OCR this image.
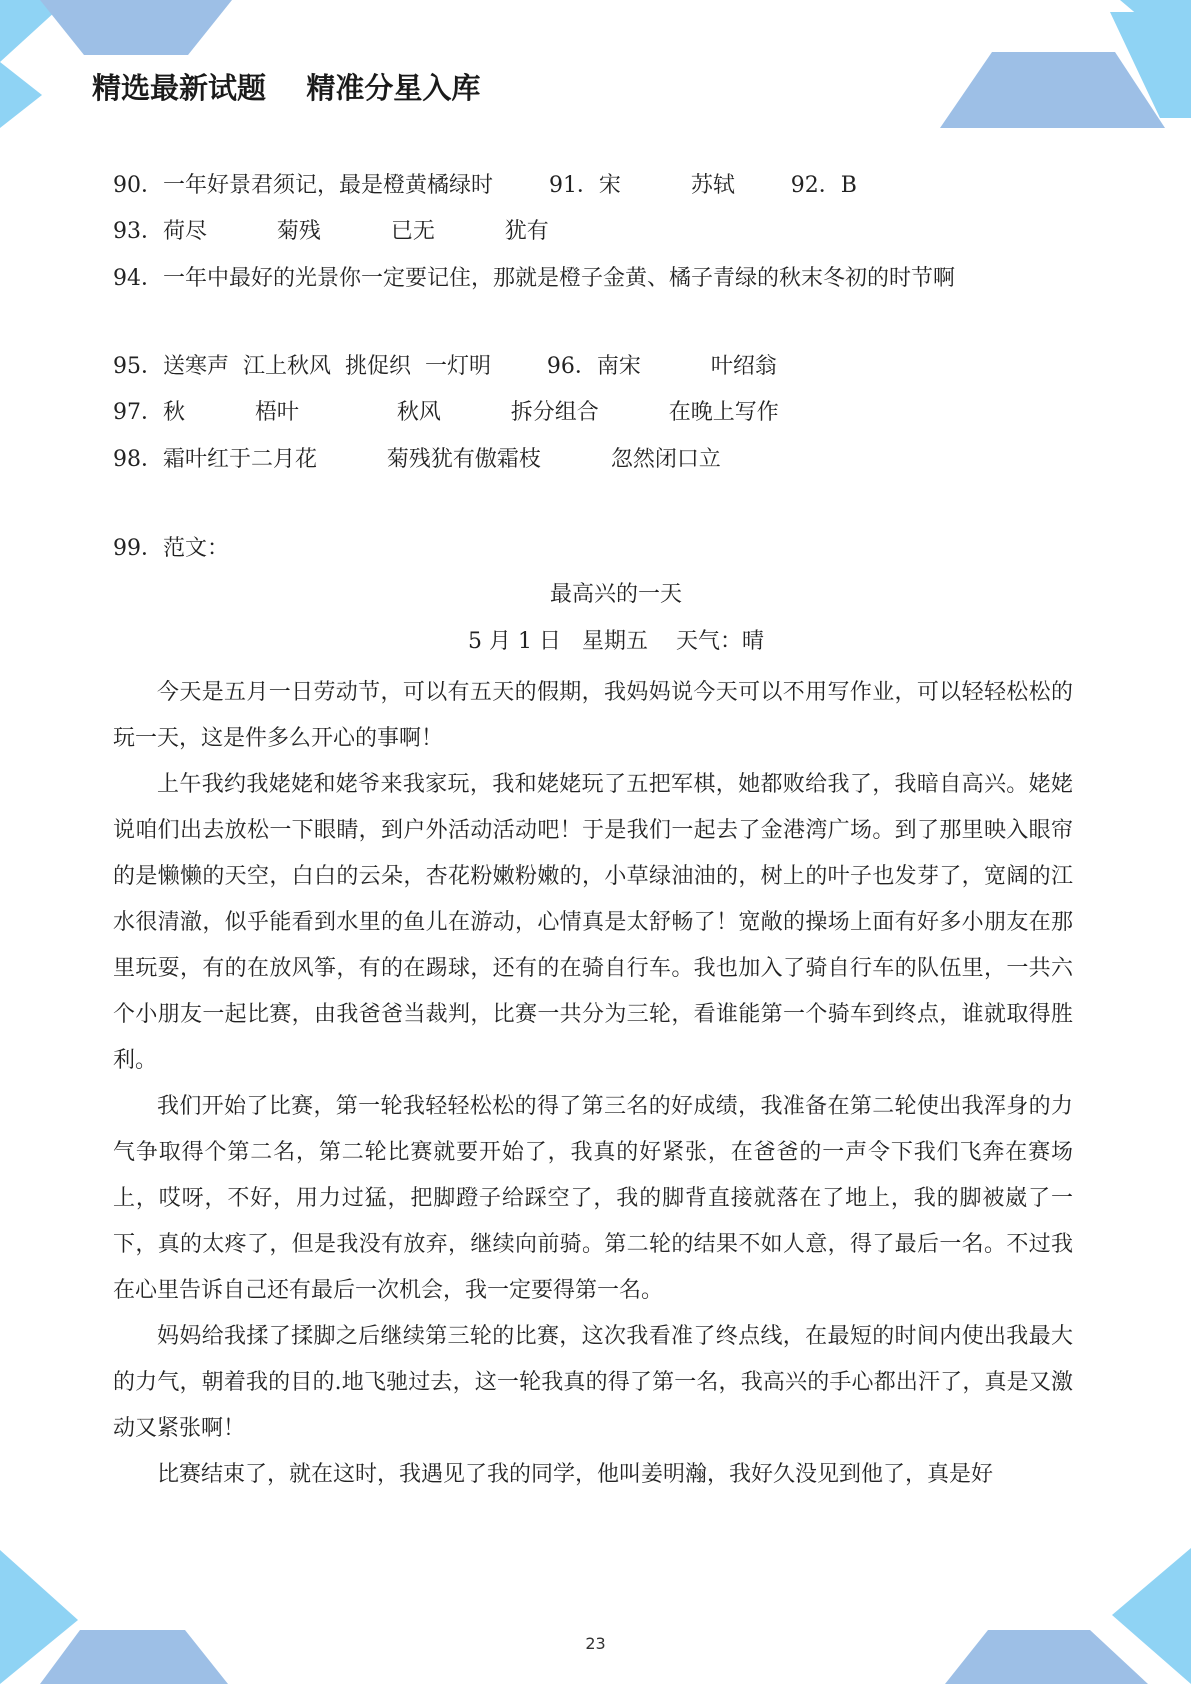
精选最新试题    精准分星入库
90．一年好景君须记，最是橙黄橘绿时        91．宋          苏轼        92．B
93．荷尽          菊残          已无          犹有
94．一年中最好的光景你一定要记住，那就是橙子金黄、橘子青绿的秋末冬初的时节啊
95．送寒声  江上秋风  挑促织  一灯明        96．南宋          叶绍翁
97．秋          梧叶              秋风          拆分组合          在晚上写作
98．霜叶红于二月花          菊残犹有傲霜枝          忽然闭口立
99．范文：
最高兴的一天
5 月 1 日   星期五    天气：晴

今天是五月一日劳动节，可以有五天的假期，我妈妈说今天可以不用写作业，可以轻轻松松的玩一天，这是件多么开心的事啊！

上午我约我姥姥和姥爷来我家玩，我和姥姥玩了五把军棋，她都败给我了，我暗自高兴。姥姥说咱们出去放松一下眼睛，到户外活动活动吧！于是我们一起去了金港湾广场。到了那里映入眼帘的是懒懒的天空，白白的云朵，杏花粉嫩粉嫩的，小草绿油油的，树上的叶子也发芽了，宽阔的江水很清澈，似乎能看到水里的鱼儿在游动，心情真是太舒畅了！宽敞的操场上面有好多小朋友在那里玩耍，有的在放风筝，有的在踢球，还有的在骑自行车。我也加入了骑自行车的队伍里，一共六个小朋友一起比赛，由我爸爸当裁判，比赛一共分为三轮，看谁能第一个骑车到终点，谁就取得胜利。

我们开始了比赛，第一轮我轻轻松松的得了第三名的好成绩，我准备在第二轮使出我浑身的力气争取得个第二名，第二轮比赛就要开始了，我真的好紧张，在爸爸的一声令下我们飞奔在赛场上，哎呀，不好，用力过猛，把脚蹬子给踩空了，我的脚背直接就落在了地上，我的脚被崴了一下，真的太疼了，但是我没有放弃，继续向前骑。第二轮的结果不如人意，得了最后一名。不过我在心里告诉自己还有最后一次机会，我一定要得第一名。

妈妈给我揉了揉脚之后继续第三轮的比赛，这次我看准了终点线，在最短的时间内使出我最大的力气，朝着我的目的.地飞驰过去，这一轮我真的得了第一名，我高兴的手心都出汗了，真是又激动又紧张啊！

比赛结束了，就在这时，我遇见了我的同学，他叫姜明瀚，我好久没见到他了，真是好

23
